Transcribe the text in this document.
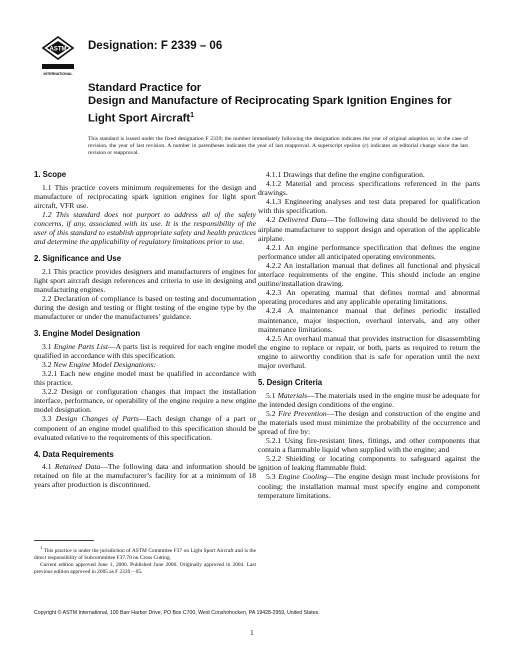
ASTM
INTERNATIONAL
Designation: F 2339 – 06
Standard Practice for
Design and Manufacture of Reciprocating Spark Ignition Engines for Light Sport Aircraft$^1$
This standard is issued under the fixed designation F 2339; the number immediately following the designation indicates the year of original adoption or, in the case of revision, the year of last revision. A number in parentheses indicates the year of last reapproval. A superscript epsilon (ε) indicates an editorial change since the last revision or reapproval.
1. Scope

1.1 This practice covers minimum requirements for the design and manufacture of reciprocating spark ignition engines for light sport aircraft, VFR use.

1.2 This standard does not purport to address all of the safety concerns, if any, associated with its use. It is the responsibility of the user of this standard to establish appropriate safety and health practices and determine the applicability of regulatory limitations prior to use.

2. Significance and Use

2.1 This practice provides designers and manufacturers of engines for light sport aircraft design references and criteria to use in designing and manufacturing engines.

2.2 Declaration of compliance is based on testing and documentation during the design and testing or flight testing of the engine type by the manufacturer or under the manufacturers’ guidance.

3. Engine Model Designation

3.1 Engine Parts List—A parts list is required for each engine model qualified in accordance with this specification.

3.2 New Engine Model Designations:

3.2.1 Each new engine model must be qualified in accordance with this practice.

3.2.2 Design or configuration changes that impact the installation interface, performance, or operability of the engine require a new engine model designation.

3.3 Design Changes of Parts—Each design change of a part or component of an engine model qualified to this specification should be evaluated relative to the requirements of this specification.

4. Data Requirements

4.1 Retained Data—The following data and information should be retained on file at the manufacturer’s facility for at a minimum of 18 years after production is discontinued.

4.1.1 Drawings that define the engine configuration.

4.1.2 Material and process specifications referenced in the parts drawings.

4.1.3 Engineering analyses and test data prepared for qualification with this specification.

4.2 Delivered Data—The following data should be delivered to the airplane manufacturer to support design and operation of the applicable airplane.

4.2.1 An engine performance specification that defines the engine performance under all anticipated operating environments.

4.2.2 An installation manual that defines all functional and physical interface requirements of the engine. This should include an engine outline/installation drawing.

4.2.3 An operating manual that defines normal and abnormal operating procedures and any applicable operating limitations.

4.2.4 A maintenance manual that defines periodic installed maintenance, major inspection, overhaul intervals, and any other maintenance limitations.

4.2.5 An overhaul manual that provides instruction for disassembling the engine to replace or repair, or both, parts as required to return the engine to airworthy condition that is safe for operation until the next major overhaul.

5. Design Criteria

5.1 Materials—The materials used in the engine must be adequate for the intended design conditions of the engine.

5.2 Fire Prevention—The design and construction of the engine and the materials used must minimize the probability of the occurrence and spread of fire by:

5.2.1 Using fire-resistant lines, fittings, and other components that contain a flammable liquid when supplied with the engine; and

5.2.2 Shielding or locating components to safeguard against the ignition of leaking flammable fluid.

5.3 Engine Cooling—The engine design must include provisions for cooling; the installation manual must specify engine and component temperature limitations.

$^1$ This practice is under the jurisdiction of ASTM Committee F37 on Light Sport Aircraft and is the direct responsibility of Subcommittee F37.70 on Cross Cutting.

Current edition approved June 1, 2006. Published June 2006. Originally approved in 2004. Last previous edition approved in 2005 as F 2339 – 05.

Copyright © ASTM International, 100 Barr Harbor Drive, PO Box C700, West Conshohocken, PA 19428-2959, United States.
1
